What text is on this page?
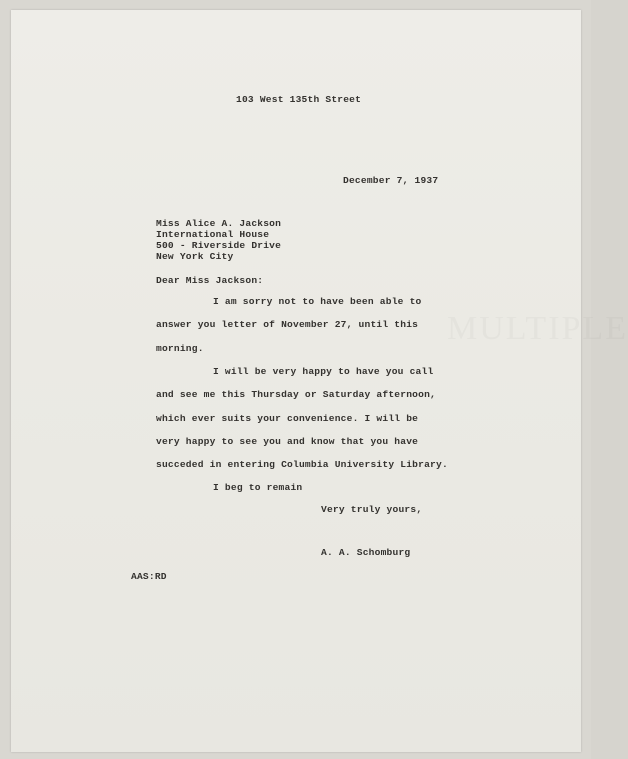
MULTIPLE

103 West 135th Street

December 7, 1937

Miss Alice A. Jackson

International House

500 - Riverside Drive

New York City

Dear Miss Jackson:

I am sorry not to have been able to

answer you letter of November 27, until this

morning.

I will be very happy to have you call

and see me this Thursday or Saturday afternoon,

which ever suits your convenience. I will be

very happy to see you and know that you have

succeded in entering Columbia University Library.

I beg to remain

Very truly yours,

A. A. Schomburg

AAS:RD
